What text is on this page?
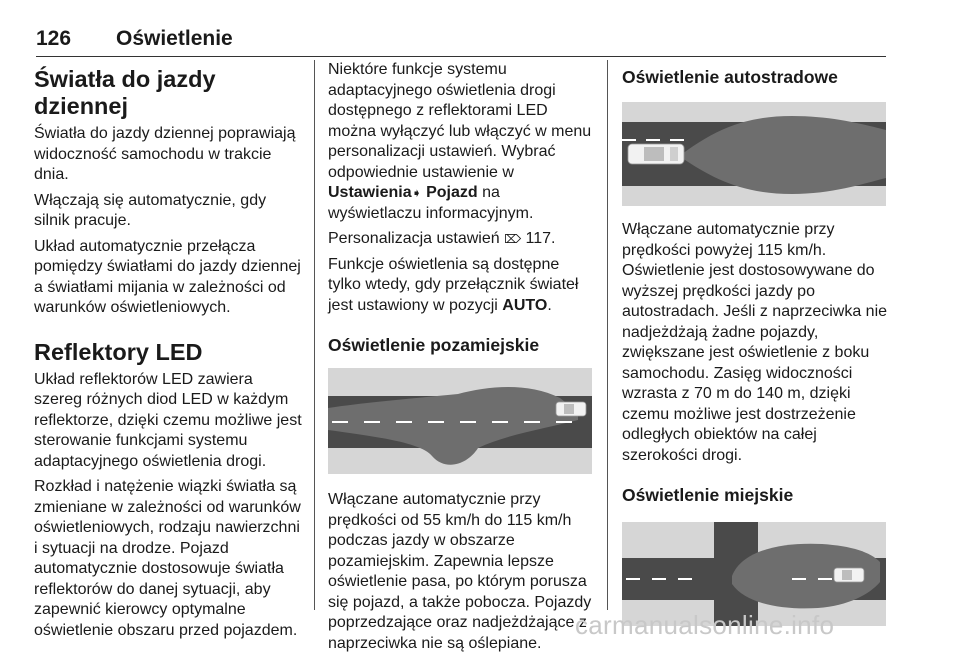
126 Oświetlenie
Światła do jazdy dziennej

Światła do jazdy dziennej poprawiają widoczność samochodu w trakcie dnia.

Włączają się automatycznie, gdy silnik pracuje.

Układ automatycznie przełącza pomiędzy światłami do jazdy dziennej a światłami mijania w zależności od warunków oświetleniowych.

Reflektory LED

Układ reflektorów LED zawiera szereg różnych diod LED w każdym reflektorze, dzięki czemu możliwe jest sterowanie funkcjami systemu adaptacyjnego oświetlenia drogi.

Rozkład i natężenie wiązki światła są zmieniane w zależności od warunków oświetleniowych, rodzaju nawierzchni i sytuacji na drodze. Pojazd automatycznie dostosowuje światła reflektorów do danej sytuacji, aby zapewnić kierowcy optymalne oświetlenie obszaru przed pojazdem.

Niektóre funkcje systemu adaptacyjnego oświetlenia drogi dostępnego z reflektorami LED można wyłączyć lub włączyć w menu personalizacji ustawień. Wybrać odpowiednie ustawienie w Ustawienia➧ Pojazd na wyświetlaczu informacyjnym.

Personalizacja ustawień ⌦ 117.

Funkcje oświetlenia są dostępne tylko wtedy, gdy przełącznik świateł jest ustawiony w pozycji AUTO.

Oświetlenie pozamiejskie

Włączane automatycznie przy prędkości od 55 km/h do 115 km/h podczas jazdy w obszarze pozamiejskim. Zapewnia lepsze oświetlenie pasa, po którym porusza się pojazd, a także pobocza. Pojazdy poprzedzające oraz nadjeżdżające z naprzeciwka nie są oślepiane.

Oświetlenie autostradowe

Włączane automatycznie przy prędkości powyżej 115 km/h. Oświetlenie jest dostosowywane do wyższej prędkości jazdy po autostradach. Jeśli z naprzeciwka nie nadjeżdżają żadne pojazdy, zwiększane jest oświetlenie z boku samochodu. Zasięg widoczności wzrasta z 70 m do 140 m, dzięki czemu możliwe jest dostrzeżenie odległych obiektów na całej szerokości drogi.

Oświetlenie miejskie
carmanualsonline.info
